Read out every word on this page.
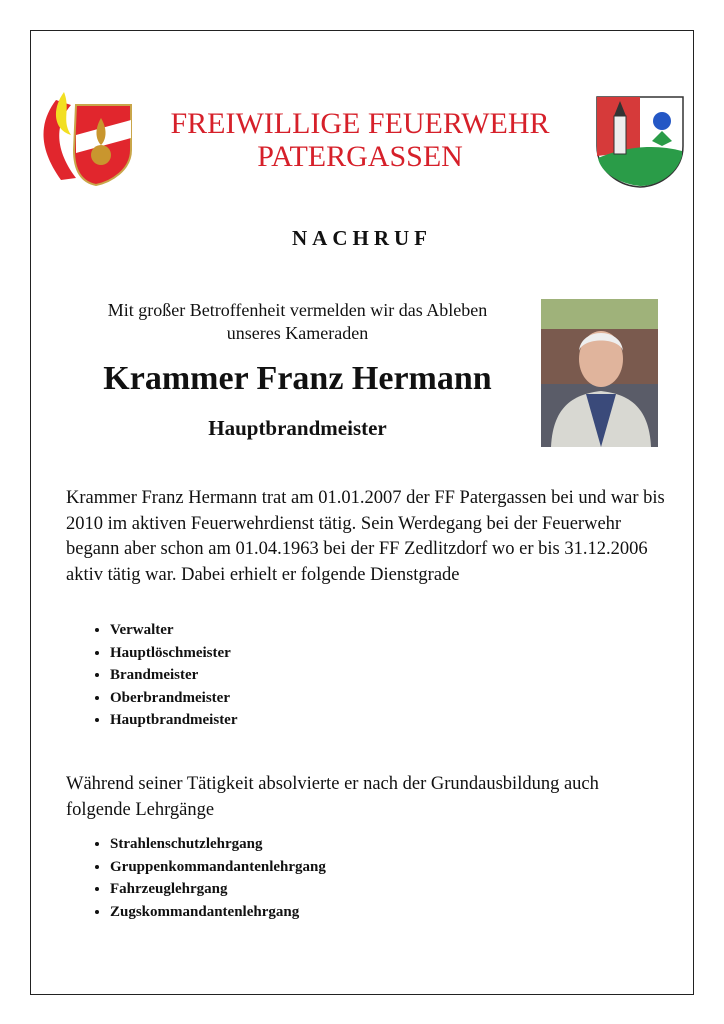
FREIWILLIGE FEUERWEHR
PATERGASSEN
NACHRUF
Mit großer Betroffenheit vermelden wir das Ableben
unseres Kameraden
Krammer Franz Hermann
Hauptbrandmeister
Krammer Franz Hermann trat am 01.01.2007 der FF Patergassen bei und war bis 2010 im aktiven Feuerwehrdienst tätig. Sein Werdegang bei der Feuerwehr begann aber schon am 01.04.1963 bei der FF Zedlitzdorf wo er bis 31.12.2006 aktiv tätig war. Dabei erhielt er folgende Dienstgrade
• Verwalter
• Hauptlöschmeister
• Brandmeister
• Oberbrandmeister
• Hauptbrandmeister
Während seiner Tätigkeit absolvierte er nach der Grundausbildung auch folgende Lehrgänge
• Strahlenschutzlehrgang
• Gruppenkommandantenlehrgang
• Fahrzeuglehrgang
• Zugskommandantenlehrgang
